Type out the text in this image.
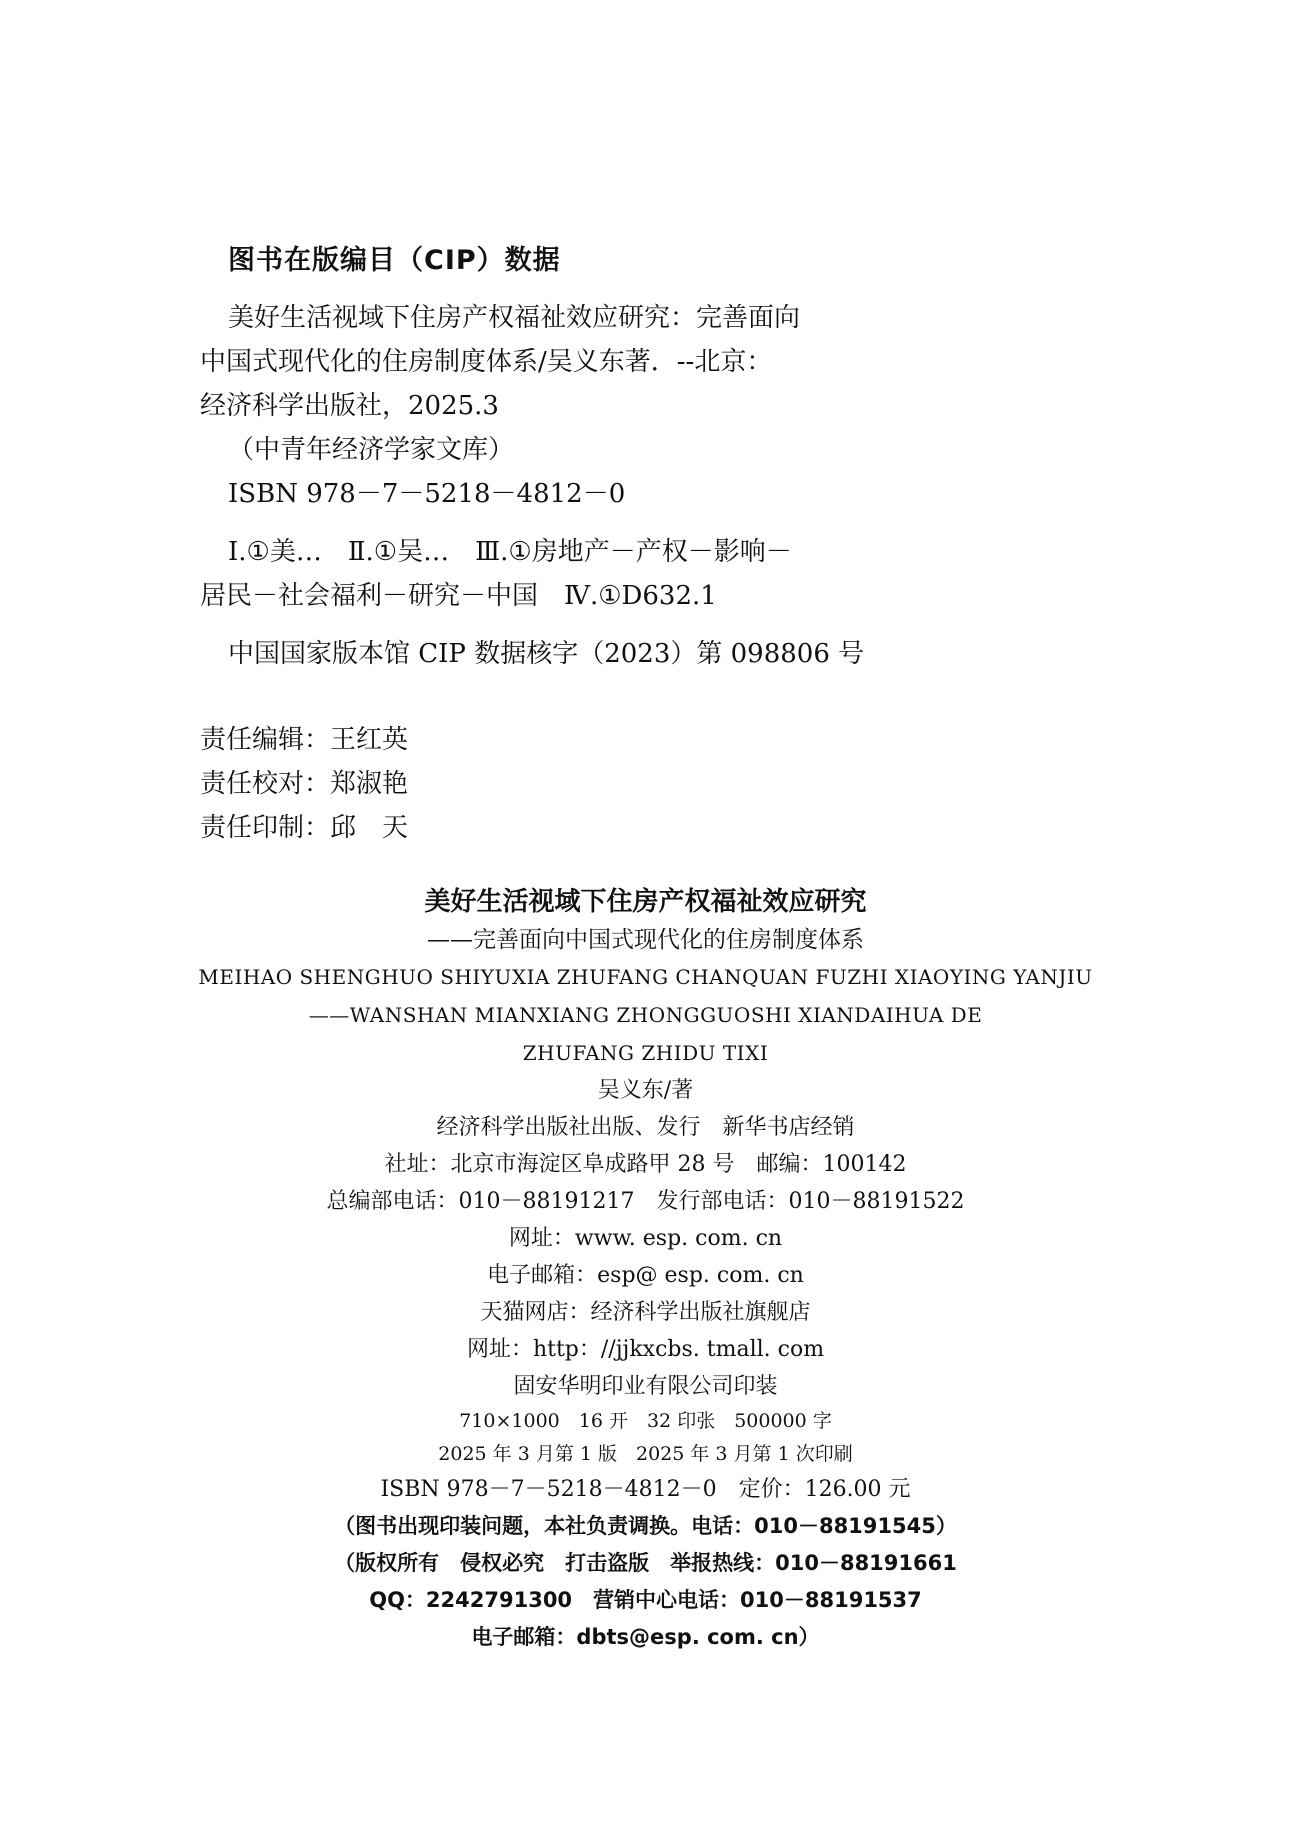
图书在版编目（CIP）数据

美好生活视域下住房产权福祉效应研究：完善面向

中国式现代化的住房制度体系/吴义东著．--北京：

经济科学出版社，2025.3

（中青年经济学家文库）

ISBN 978－7－5218－4812－0

Ⅰ.①美…　Ⅱ.①吴…　Ⅲ.①房地产－产权－影响－

居民－社会福利－研究－中国　Ⅳ.①D632.1

中国国家版本馆 CIP 数据核字（2023）第 098806 号

责任编辑：王红英

责任校对：郑淑艳

责任印制：邱　天

美好生活视域下住房产权福祉效应研究

——完善面向中国式现代化的住房制度体系

MEIHAO SHENGHUO SHIYUXIA ZHUFANG CHANQUAN FUZHI XIAOYING YANJIU

——WANSHAN MIANXIANG ZHONGGUOSHI XIANDAIHUA DE

ZHUFANG ZHIDU TIXI

吴义东/著

经济科学出版社出版、发行　新华书店经销

社址：北京市海淀区阜成路甲 28 号　邮编：100142

总编部电话：010－88191217　发行部电话：010－88191522

网址：www. esp. com. cn

电子邮箱：esp@ esp. com. cn

天猫网店：经济科学出版社旗舰店

网址：http：//jjkxcbs. tmall. com

固安华明印业有限公司印装

710×1000　16 开　32 印张　500000 字

2025 年 3 月第 1 版　2025 年 3 月第 1 次印刷

ISBN 978－7－5218－4812－0　定价：126.00 元

（图书出现印装问题，本社负责调换。电话：010－88191545）

（版权所有　侵权必究　打击盗版　举报热线：010－88191661

QQ：2242791300　营销中心电话：010－88191537

电子邮箱：dbts@esp. com. cn）
